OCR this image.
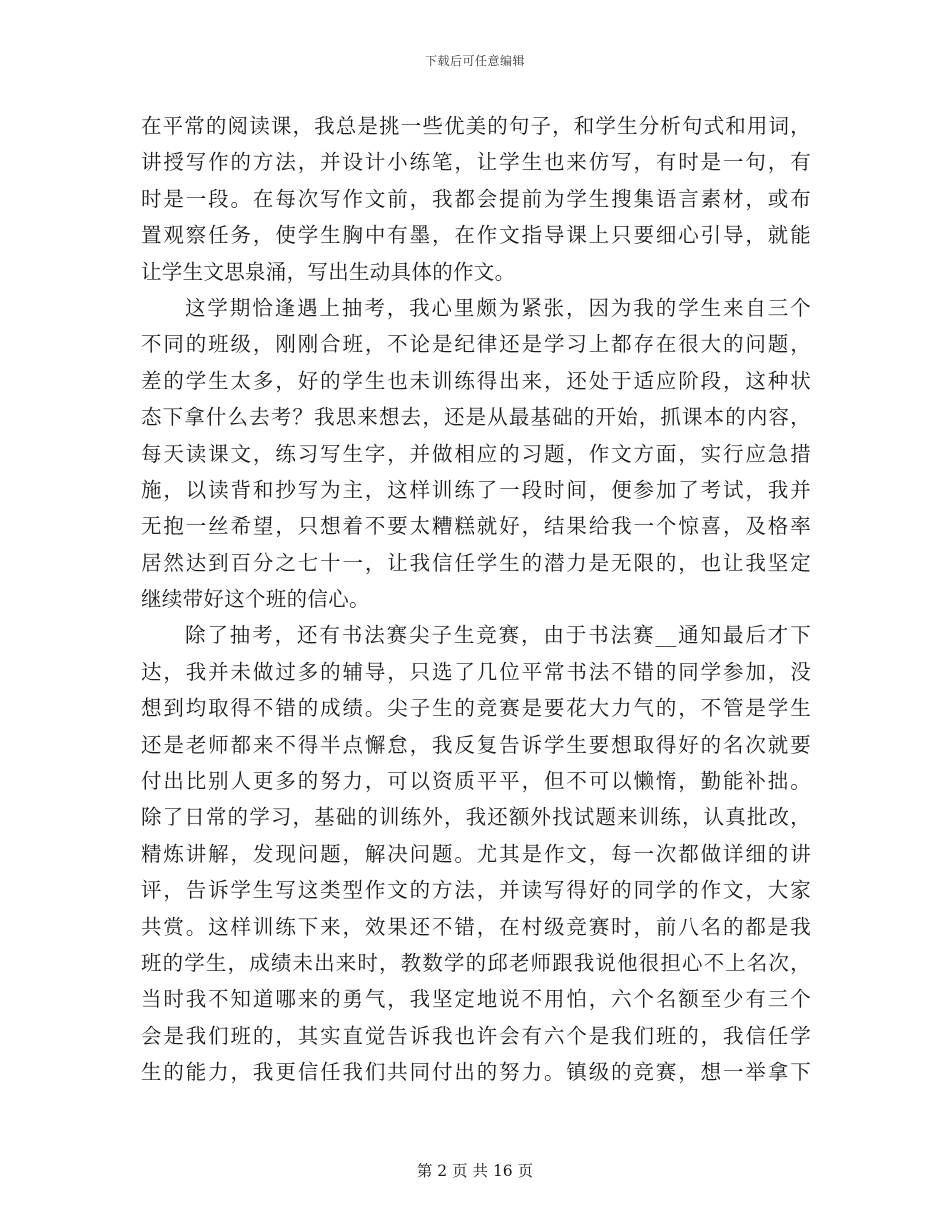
下载后可任意编辑
在平常的阅读课，我总是挑一些优美的句子，和学生分析句式和用词，
讲授写作的方法，并设计小练笔，让学生也来仿写，有时是一句，有
时是一段。在每次写作文前，我都会提前为学生搜集语言素材，或布
置观察任务，使学生胸中有墨，在作文指导课上只要细心引导，就能
让学生文思泉涌，写出生动具体的作文。
这学期恰逢遇上抽考，我心里颇为紧张，因为我的学生来自三个
不同的班级，刚刚合班，不论是纪律还是学习上都存在很大的问题，
差的学生太多，好的学生也未训练得出来，还处于适应阶段，这种状
态下拿什么去考？我思来想去，还是从最基础的开始，抓课本的内容，
每天读课文，练习写生字，并做相应的习题，作文方面，实行应急措
施，以读背和抄写为主，这样训练了一段时间，便参加了考试，我并
无抱一丝希望，只想着不要太糟糕就好，结果给我一个惊喜，及格率
居然达到百分之七十一，让我信任学生的潜力是无限的，也让我坚定
继续带好这个班的信心。
除了抽考，还有书法赛尖子生竞赛，由于书法赛__通知最后才下
达，我并未做过多的辅导，只选了几位平常书法不错的同学参加，没
想到均取得不错的成绩。尖子生的竞赛是要花大力气的，不管是学生
还是老师都来不得半点懈怠，我反复告诉学生要想取得好的名次就要
付出比别人更多的努力，可以资质平平，但不可以懒惰，勤能补拙。
除了日常的学习，基础的训练外，我还额外找试题来训练，认真批改，
精炼讲解，发现问题，解决问题。尤其是作文，每一次都做详细的讲
评，告诉学生写这类型作文的方法，并读写得好的同学的作文，大家
共赏。这样训练下来，效果还不错，在村级竞赛时，前八名的都是我
班的学生，成绩未出来时，教数学的邱老师跟我说他很担心不上名次，
当时我不知道哪来的勇气，我坚定地说不用怕，六个名额至少有三个
会是我们班的，其实直觉告诉我也许会有六个是我们班的，我信任学
生的能力，我更信任我们共同付出的努力。镇级的竞赛，想一举拿下
第 2 页 共 16 页
